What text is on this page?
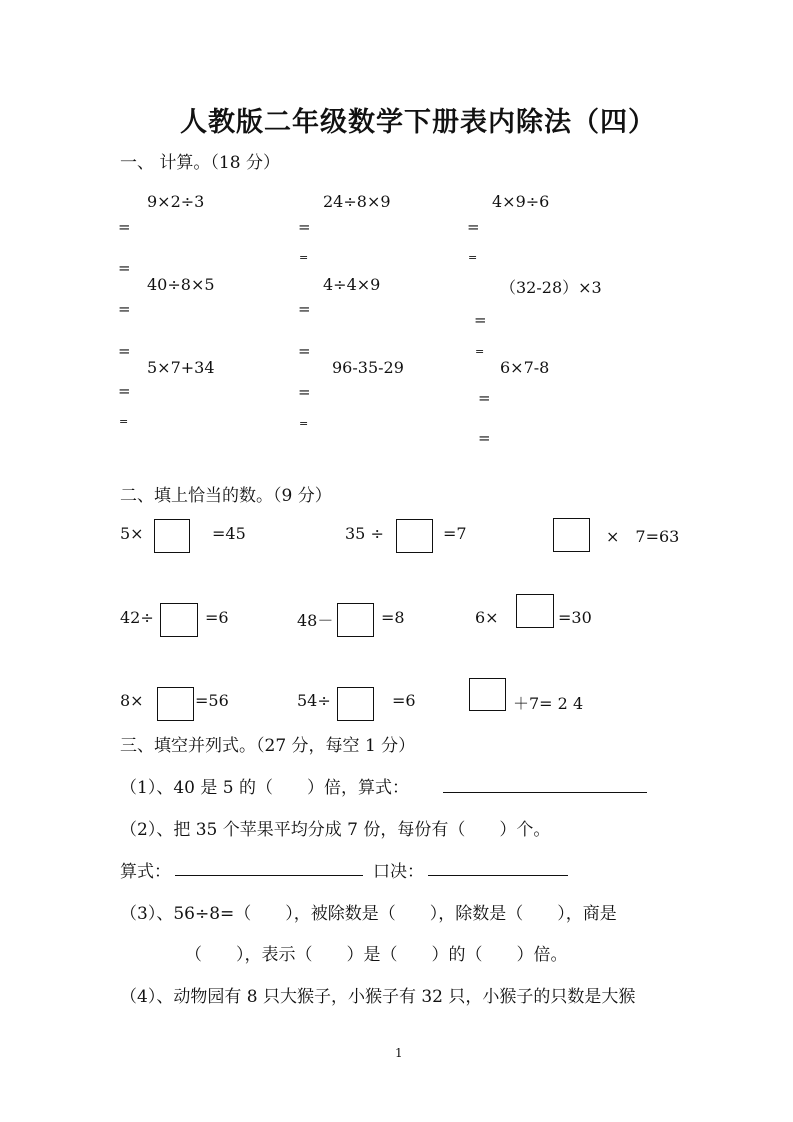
人教版二年级数学下册表内除法（四）
一、 计算。（18 分）
9×2÷3	24÷8×9	4×9÷6
40÷8×5	4÷4×9	（32-28）×3
5×7+34	96-35-29	6×7-8
=
=
=
=
=
=
=
=
=
=
=
=
=
=
=
=
=
=
二、填上恰当的数。（9 分）
5×	=45	35 ÷	=7	×　7=63
42÷	=6	48－	=8	6×	=30
8×	=56	54÷	=6	＋7= 2 4
三、填空并列式。（27 分，每空 1 分）
（1）、40 是 5 的（　　）倍，算式：
（2）、把 35 个苹果平均分成 7 份，每份有（　　）个。
算式：	口决：
（3）、56÷8=（　　），被除数是（　　），除数是（　　），商是
（　　），表示（　　）是（　　）的（　　）倍。
（4）、动物园有 8 只大猴子，小猴子有 32 只，小猴子的只数是大猴
1
